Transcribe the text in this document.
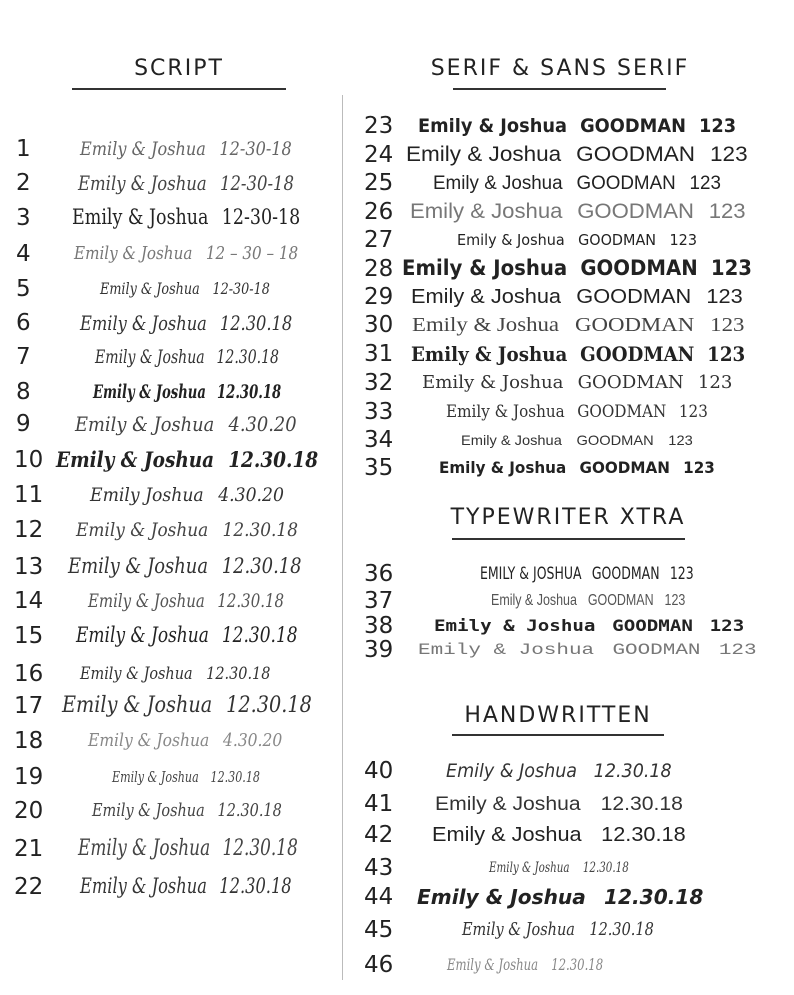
SCRIPT	SERIF & SANS SERIF
TYPEWRITER XTRA
HANDWRITTEN
1	Emily & Joshua 12-30-18
2 Emily & Joshua 12-30-18
3 Emily & Joshua 12-30-18
4 Emily & Joshua 12 – 30 – 18
5	Emily & Joshua 12-30-18
6 Emily & Joshua 12.30.18
7	Emily & Joshua 12.30.18
8	Emily & Joshua 12.30.18
9 Emily & Joshua 4.30.20
10 Emily & Joshua 12.30.18
11 Emily Joshua 4.30.20
12 Emily & Joshua 12.30.18
13 Emily & Joshua 12.30.18
14 Emily & Joshua 12.30.18
15 Emily & Joshua 12.30.18
16 Emily & Joshua 12.30.18
17 Emily & Joshua 12.30.18
18 Emily & Joshua 4.30.20
19	Emily & Joshua 12.30.18
20	Emily & Joshua 12.30.18
21 Emily & Joshua 12.30.18
22 Emily & Joshua 12.30.18
23 Emily & Joshua GOODMAN 123
24 Emily & Joshua GOODMAN 123
25 Emily & Joshua GOODMAN 123
26 Emily & Joshua GOODMAN 123
27	Emily & Joshua GOODMAN 123
28 Emily & Joshua GOODMAN 123
29 Emily & Joshua GOODMAN 123
30 Emily & Joshua GOODMAN 123
31 Emily & Joshua GOODMAN 123
32 Emily & Joshua GOODMAN 123
33	Emily & Joshua GOODMAN 123
34	Emily & Joshua GOODMAN 123
35	Emily & Joshua GOODMAN 123
36	EMILY & JOSHUA GOODMAN 123
37	Emily & Joshua GOODMAN 123
38	Emily & Joshua GOODMAN 123
39 Emily & Joshua GOODMAN 123
40	Emily & Joshua 12.30.18
41 Emily & Joshua 12.30.18
42 Emily & Joshua 12.30.18
43	Emily & Joshua 12.30.18
44 Emily & Joshua 12.30.18
45	Emily & Joshua 12.30.18
46	Emily & Joshua 12.30.18
